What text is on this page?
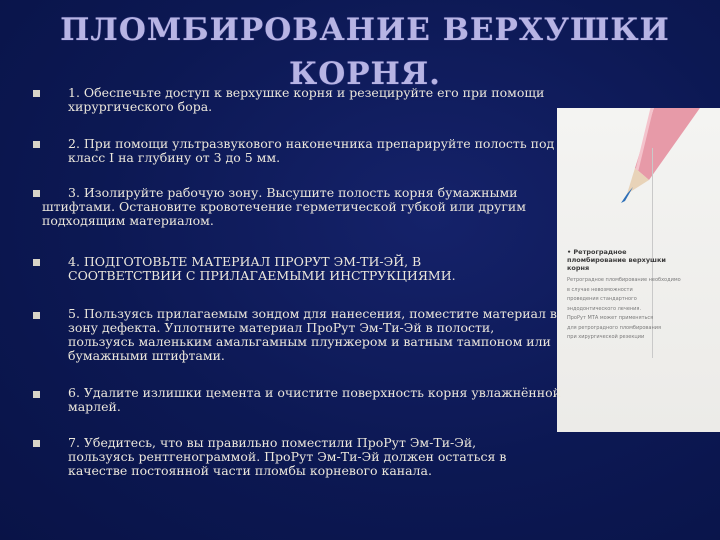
ПЛОМБИРОВАНИЕ ВЕРХУШКИ КОРНЯ.
• Ретроградное пломбирование верхушки корня
Ретроградное пломбирование необходимо
в случае невозможности
проведения стандартного
эндодонтического лечения.
ПроРут МТА может применяться
для ретроградного пломбирования
при хирургической резекции
1. Обеспечьте доступ к верхушке корня и резецируйте его при помощи хирургического бора.
2. При помощи ультразвукового наконечника препарируйте полость под класс I на глубину от 3 до 5 мм.
3. Изолируйте рабочую зону. Высушите полость корня бумажными штифтами. Остановите кровотечение герметической губкой или другим подходящим материалом.
4. ПОДГОТОВЬТЕ МАТЕРИАЛ ПРОРУТ ЭМ-ТИ-ЭЙ, В СООТВЕТСТВИИ С ПРИЛАГАЕМЫМИ ИНСТРУКЦИЯМИ.
5. Пользуясь прилагаемым зондом для нанесения, поместите материал в зону дефекта. Уплотните материал ПроРут Эм-Ти-Эй в полости, пользуясь маленьким амальгамным плунжером и ватным тампоном или бумажными штифтами.
6. Удалите излишки цемента и очистите поверхность корня увлажнённой марлей.
7. Убедитесь, что вы правильно поместили ПроРут Эм-Ти-Эй, пользуясь рентгенограммой. ПроРут Эм-Ти-Эй должен остаться в качестве постоянной части пломбы корневого канала.
